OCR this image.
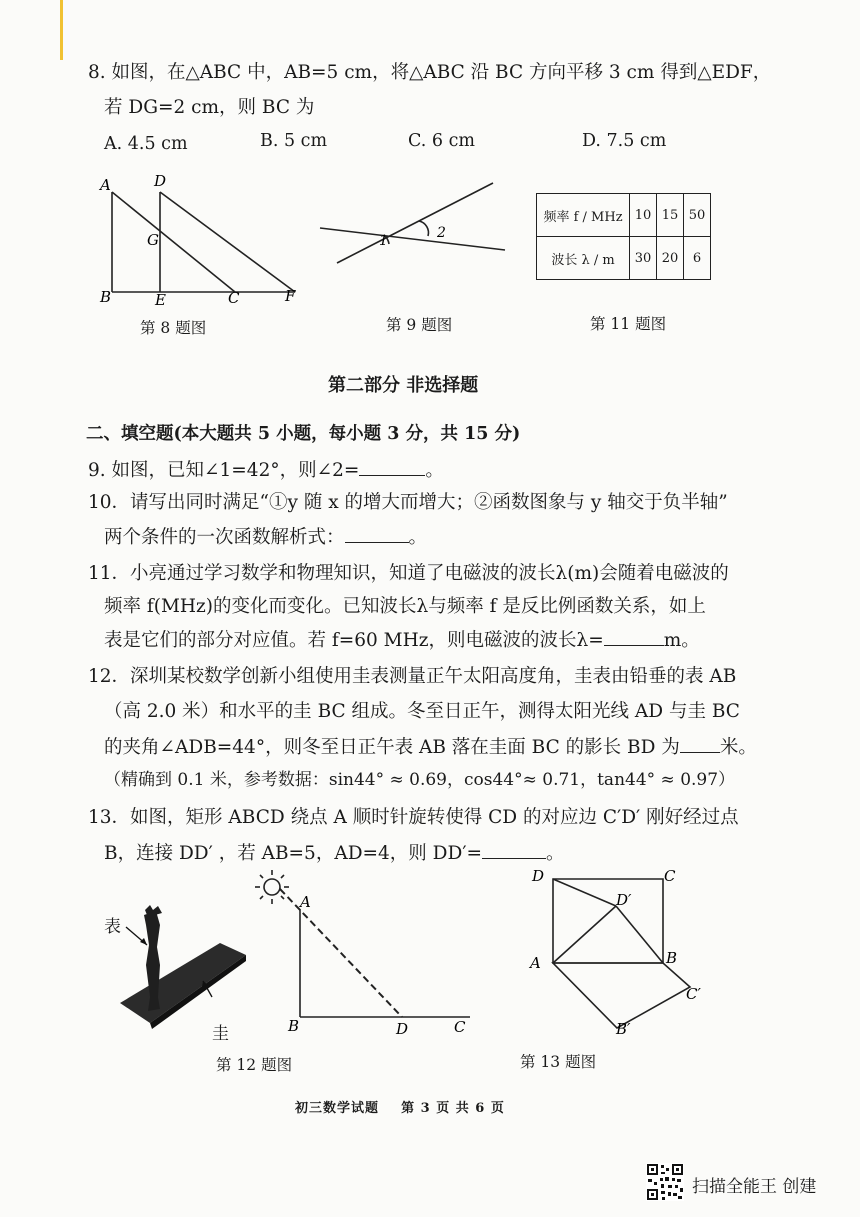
8. 如图，在△ABC 中，AB=5 cm，将△ABC 沿 BC 方向平移 3 cm 得到△EDF，
若 DG=2 cm，则 BC 为
A. 4.5 cm	B. 5 cm	C. 6 cm	D. 7.5 cm
A	D
G
B	E	C	F
第 8 题图
1	2
第 9 题图
频率 f / MHz	10	15	50
波长 λ / m	30	20	6
第 11 题图
第二部分 非选择题
二、填空题(本大题共 5 小题，每小题 3 分，共 15 分)
9. 如图，已知∠1=42°，则∠2=	。
10．请写出同时满足“①y 随 x 的增大而增大；②函数图象与 y 轴交于负半轴”
两个条件的一次函数解析式：	。
11．小亮通过学习数学和物理知识，知道了电磁波的波长λ(m)会随着电磁波的
频率 f(MHz)的变化而变化。已知波长λ与频率 f 是反比例函数关系，如上
表是它们的部分对应值。若 f=60 MHz，则电磁波的波长λ=	m。
12．深圳某校数学创新小组使用圭表测量正午太阳高度角，圭表由铅垂的表 AB
（高 2.0 米）和水平的圭 BC 组成。冬至日正午，测得太阳光线 AD 与圭 BC
的夹角∠ADB=44°，则冬至日正午表 AB 落在圭面 BC 的影长 BD 为 米。
（精确到 0.1 米，参考数据：sin44° ≈ 0.69，cos44°≈ 0.71，tan44° ≈ 0.97）
13．如图，矩形 ABCD 绕点 A 顺时针旋转使得 CD 的对应边 C′D′ 刚好经过点
B，连接 DD′ ，若 AB=5，AD=4，则 DD′=	。
表
圭
A
B	D	C
第 12 题图
D	C
D′
A	B
C′
B′
第 13 题图
初三数学试题    第 3 页 共 6 页
扫描全能王 创建
